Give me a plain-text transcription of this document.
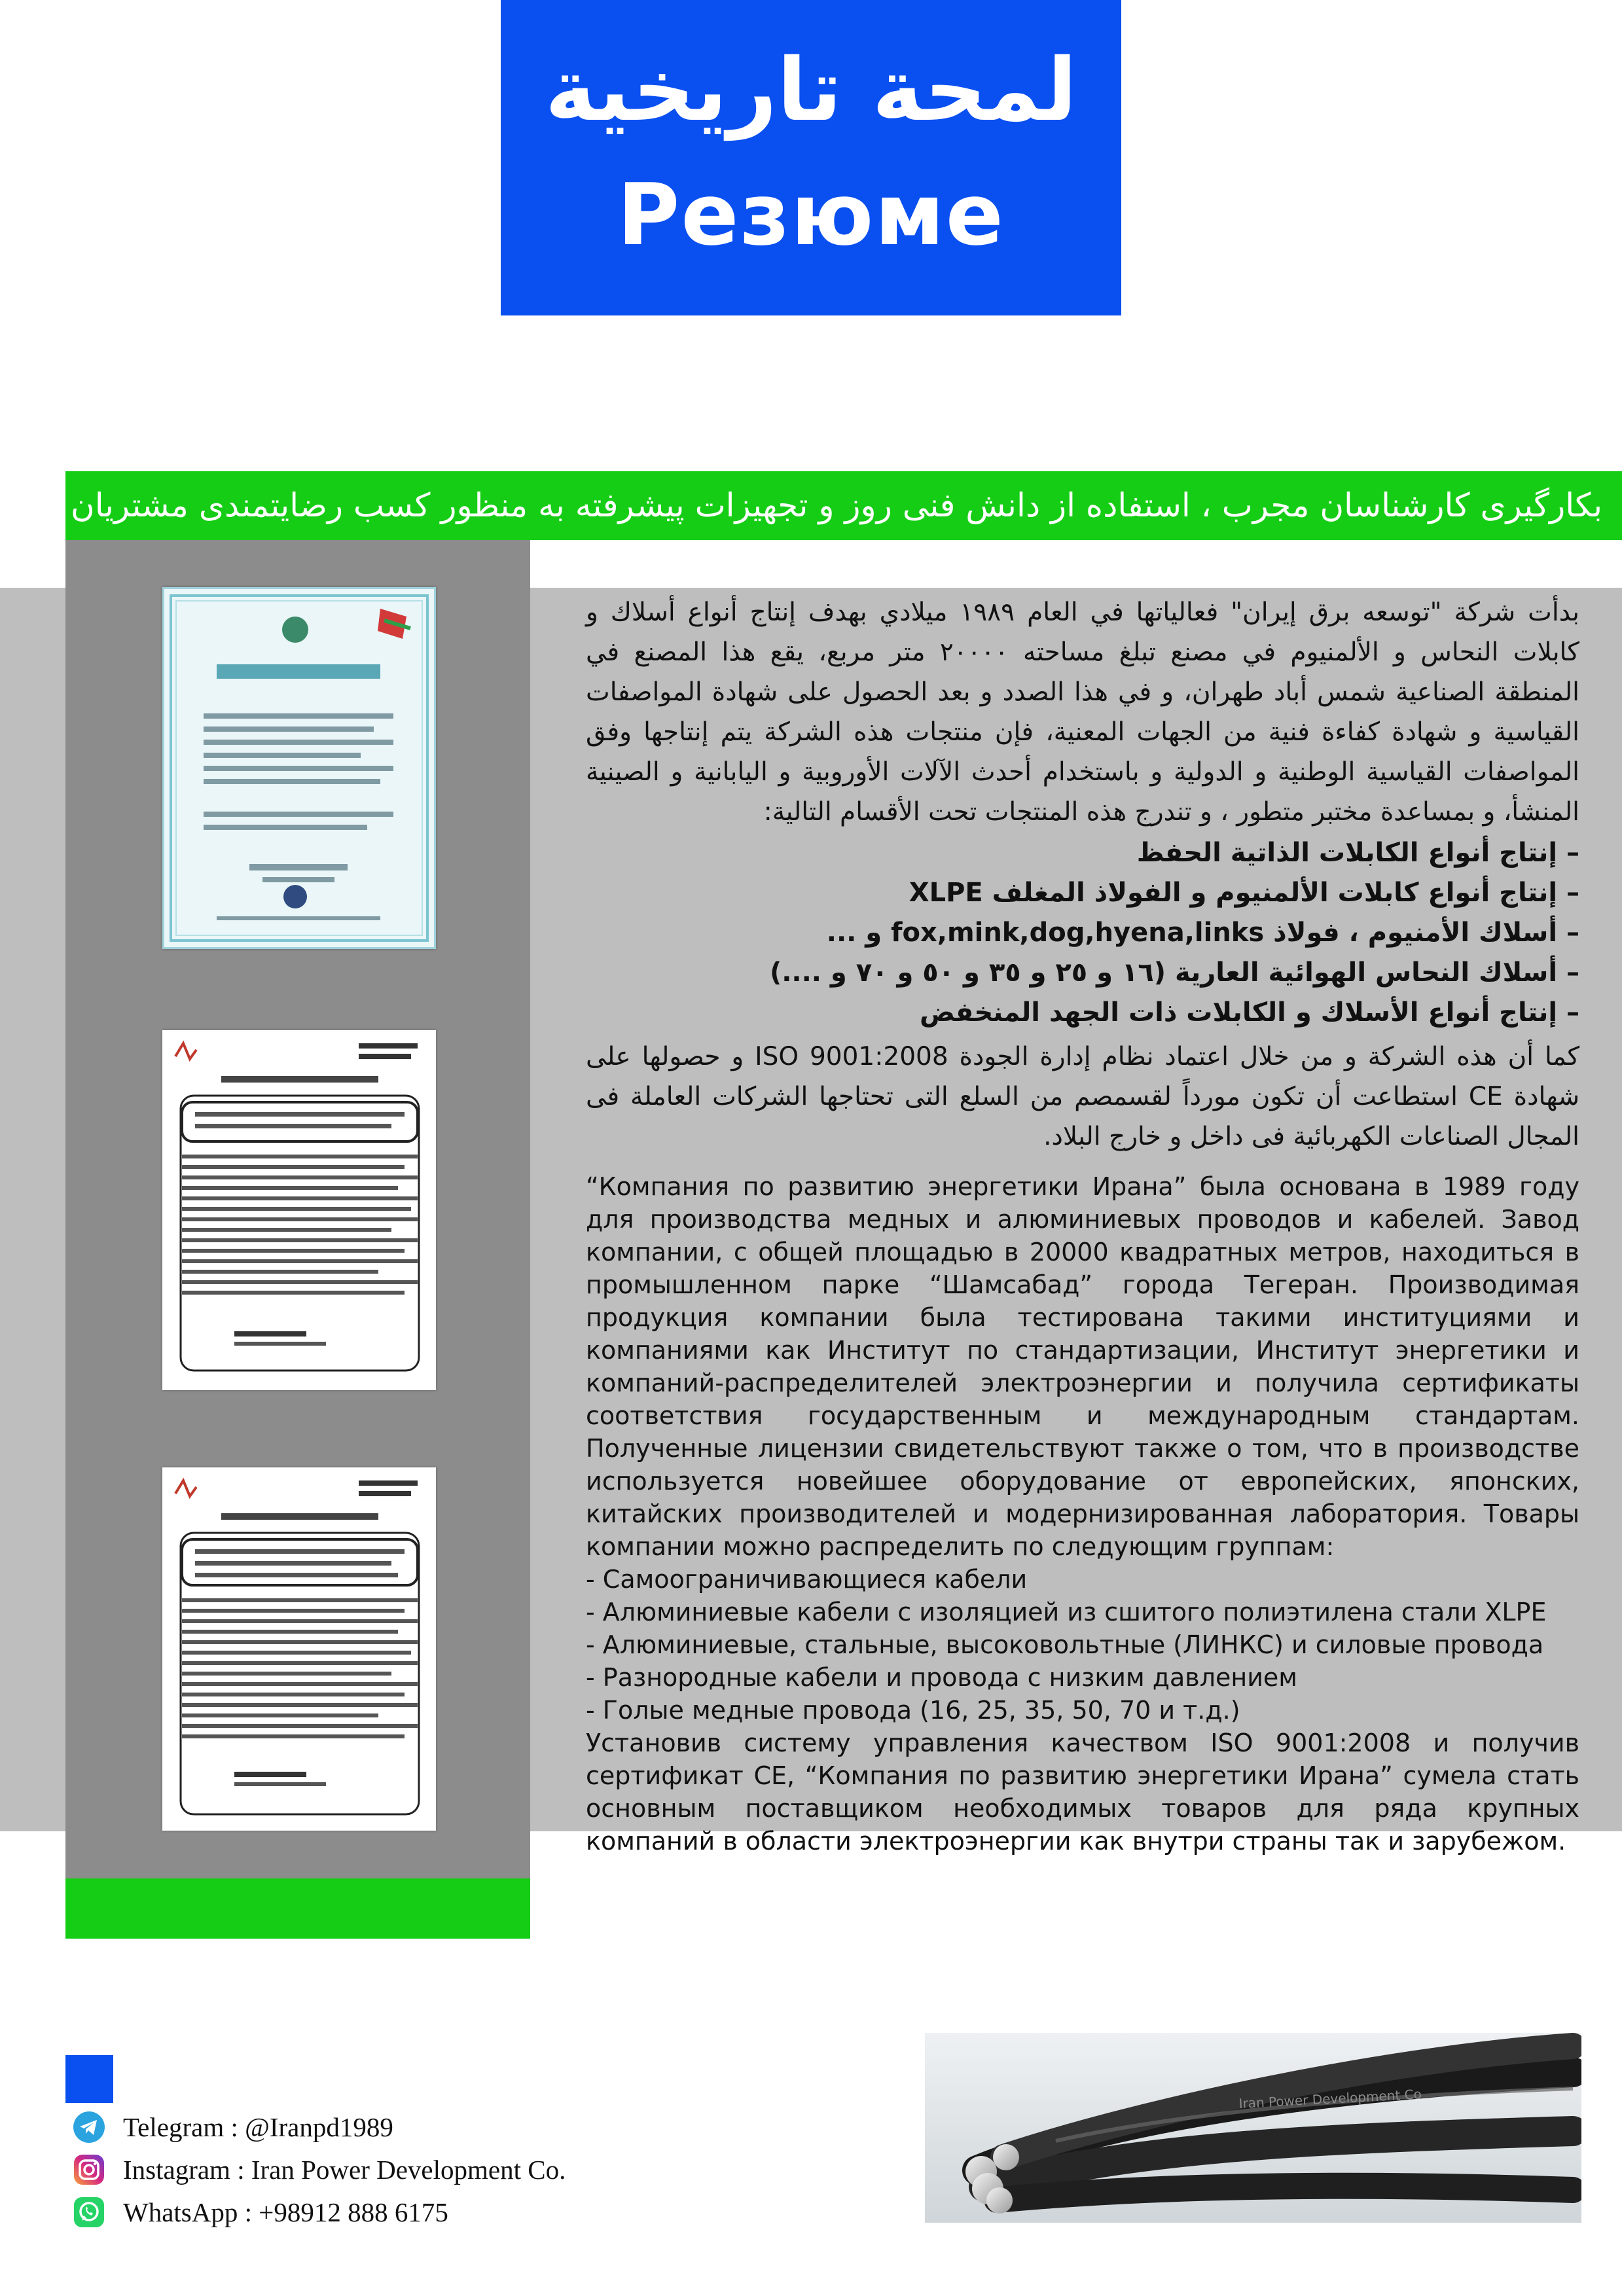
لمحة تاريخية
Резюме
بکارگیری کارشناسان مجرب ، استفاده از دانش فنی روز و تجهیزات پیشرفته به منظور کسب رضایتمندی مشتریان

بدأت شركة "توسعه برق إيران" فعالياتها في العام ١٩٨٩ ميلادي بهدف إنتاج أنواع أسلاك و كابلات النحاس و الألمنيوم في مصنع تبلغ مساحته ٢٠٠٠٠ متر مربع، يقع هذا المصنع في المنطقة الصناعية شمس أباد طهران، و في هذا الصدد و بعد الحصول على شهادة المواصفات القياسية و شهادة كفاءة فنية من الجهات المعنية، فإن منتجات هذه الشركة يتم إنتاجها وفق المواصفات القياسية الوطنية و الدولية و باستخدام أحدث الآلات الأوروبية و اليابانية و الصينية المنشأ، و بمساعدة مختبر متطور ، و تندرج هذه المنتجات تحت الأقسام التالية:

– إنتاج أنواع الكابلات الذاتية الحفظ
– إنتاج أنواع كابلات الألمنيوم و الفولاذ المغلف XLPE
– أسلاك الأمنيوم ، فولاذ fox,mink,dog,hyena,links و ...
– أسلاك النحاس الهوائية العارية (١٦ و ٢٥ و ٣٥ و ٥٠ و ٧٠ و ....)
– إنتاج أنواع الأسلاك و الكابلات ذات الجهد المنخفض

كما أن هذه الشركة و من خلال اعتماد نظام إدارة الجودة ISO 9001:2008 و حصولها على شهادة CE استطاعت أن تكون مورداً لقسمصم من السلع التى تحتاجها الشركات العاملة فى المجال الصناعات الكهربائية فى داخل و خارج البلاد.

“Компания по развитию энергетики Ирана” была основана в 1989 году для производства медных и алюминиевых проводов и кабелей. Завод компании, с общей площадью в 20000 квадратных метров, находиться в промышленном парке “Шамсабад” города Тегеран. Производимая продукция компании была тестирована такими институциями и компаниями как Институт по стандартизации, Институт энергетики и компаний-распределителей электроэнергии и получила сертификаты соответствия государственным и международным стандартам. Полученные лицензии свидетельствуют также о том, что в производстве используется новейшее оборудование от европейских, японских, китайских производителей и модернизированная лаборатория. Товары компании можно распределить по следующим группам:

- Самоограничивающиеся кабели
- Алюминиевые кабели с изоляцией из сшитого полиэтилена стали XLPE
- Алюминиевые, стальные, высоковольтные (ЛИНКС) и силовые провода
- Разнородные кабели и провода с низким давлением
- Голые медные провода (16, 25, 35, 50, 70 и т.д.)

Установив систему управления качеством ISO 9001:2008 и получив сертификат CE, “Компания по развитию энергетики Ирана” сумела стать основным поставщиком необходимых товаров для ряда крупных компаний в области электроэнергии как внутри страны так и зарубежом.

Telegram : @Iranpd1989
Instagram : Iran Power Development Co.
WhatsApp : +98912 888 6175
Iran Power Development Co
